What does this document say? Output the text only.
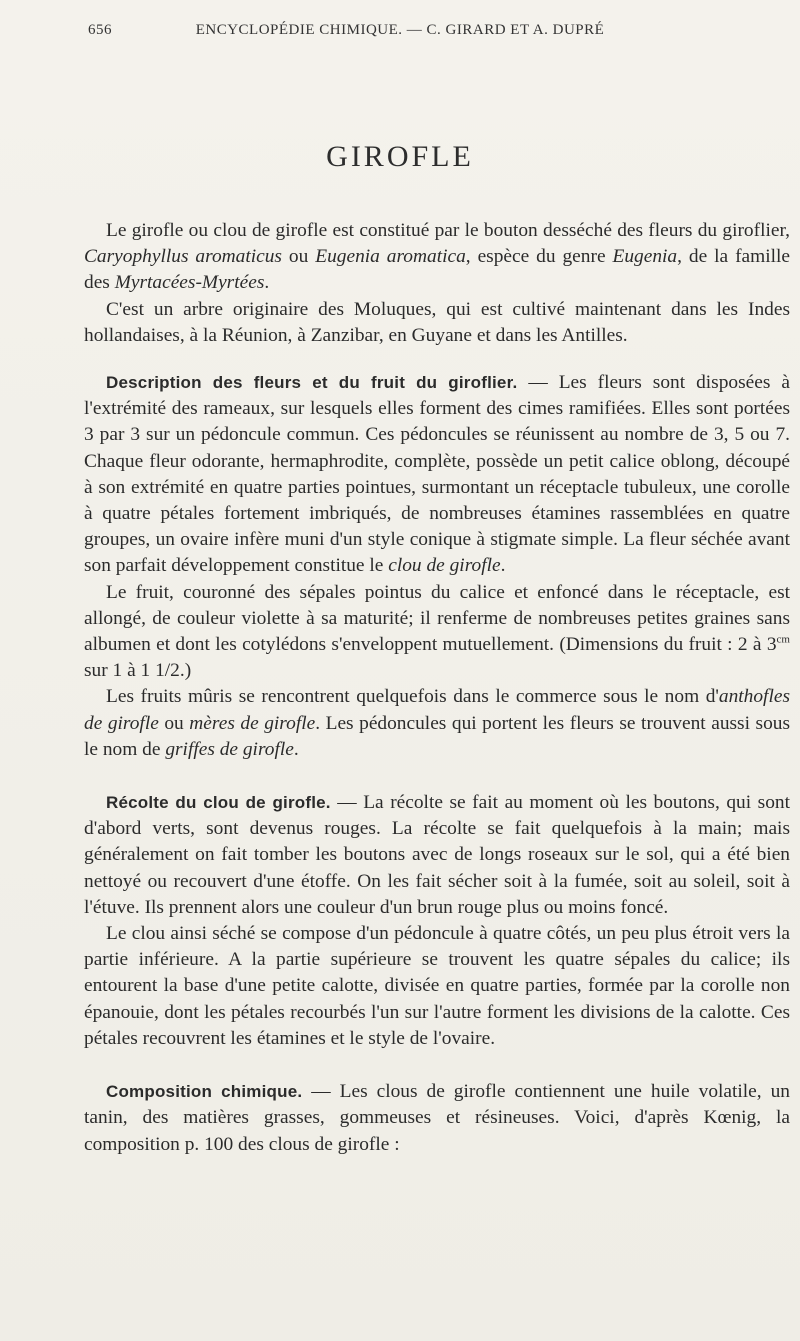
656	ENCYCLOPÉDIE CHIMIQUE. — C. GIRARD ET A. DUPRÉ
GIROFLE

Le girofle ou clou de girofle est constitué par le bouton desséché des fleurs du giroflier, Caryophyllus aromaticus ou Eugenia aromatica, espèce du genre Eugenia, de la famille des Myrtacées-Myrtées.

C'est un arbre originaire des Moluques, qui est cultivé maintenant dans les Indes hollandaises, à la Réunion, à Zanzibar, en Guyane et dans les Antilles.

Description des fleurs et du fruit du giroflier. — Les fleurs sont disposées à l'extrémité des rameaux, sur lesquels elles forment des cimes ramifiées. Elles sont portées 3 par 3 sur un pédoncule commun. Ces pédoncules se réunissent au nombre de 3, 5 ou 7. Chaque fleur odorante, hermaphrodite, complète, possède un petit calice oblong, découpé à son extrémité en quatre parties pointues, surmontant un réceptacle tubuleux, une corolle à quatre pétales fortement imbriqués, de nombreuses étamines rassemblées en quatre groupes, un ovaire infère muni d'un style conique à stigmate simple. La fleur séchée avant son parfait développement constitue le clou de girofle.

Le fruit, couronné des sépales pointus du calice et enfoncé dans le réceptacle, est allongé, de couleur violette à sa maturité; il renferme de nombreuses petites graines sans albumen et dont les cotylédons s'enveloppent mutuellement. (Dimensions du fruit : 2 à $3^{cm}$ sur 1 à 1 1/2.)

Les fruits mûris se rencontrent quelquefois dans le commerce sous le nom d'anthofles de girofle ou mères de girofle. Les pédoncules qui portent les fleurs se trouvent aussi sous le nom de griffes de girofle.

Récolte du clou de girofle. — La récolte se fait au moment où les boutons, qui sont d'abord verts, sont devenus rouges. La récolte se fait quelquefois à la main; mais généralement on fait tomber les boutons avec de longs roseaux sur le sol, qui a été bien nettoyé ou recouvert d'une étoffe. On les fait sécher soit à la fumée, soit au soleil, soit à l'étuve. Ils prennent alors une couleur d'un brun rouge plus ou moins foncé.

Le clou ainsi séché se compose d'un pédoncule à quatre côtés, un peu plus étroit vers la partie inférieure. A la partie supérieure se trouvent les quatre sépales du calice; ils entourent la base d'une petite calotte, divisée en quatre parties, formée par la corolle non épanouie, dont les pétales recourbés l'un sur l'autre forment les divisions de la calotte. Ces pétales recouvrent les étamines et le style de l'ovaire.

Composition chimique. — Les clous de girofle contiennent une huile volatile, un tanin, des matières grasses, gommeuses et résineuses. Voici, d'après Kœnig, la composition p. 100 des clous de girofle :
